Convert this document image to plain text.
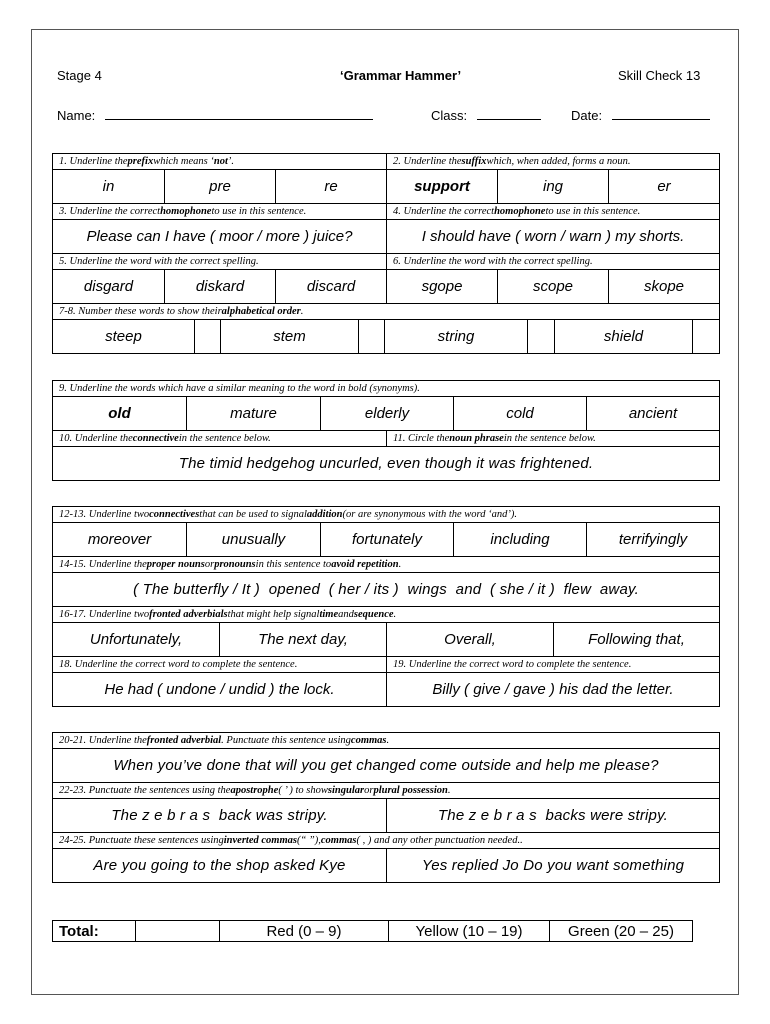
Stage 4	‘Grammar Hammer’	Skill Check 13
Name:	Class:	Date:
1. Underline the prefix which means ‘ not ’.	2. Underline the suffix which, when added, forms a noun.
in	pre	re	support	ing	er
3. Underline the correct homophone to use in this sentence.	4. Underline the correct homophone to use in this sentence.
Please can I have ( moor / more ) juice?	I should have ( worn / warn ) my shorts.
5. Underline the word with the correct spelling.	6. Underline the word with the correct spelling.
disgard	diskard	discard	sgope	scope	skope
7-8. Number these words to show their alphabetical order .
steep	stem	string	shield
9. Underline the words which have a similar meaning to the word in bold (synonyms).
old	mature	elderly	cold	ancient
10. Underline the connective in the sentence below.	11. Circle the noun phrase in the sentence below.
The timid hedgehog uncurled, even though it was frightened.
12-13. Underline two connectives that can be used to signal addition (or are synonymous with the word ‘and’).
moreover	unusually	fortunately	including	terrifyingly
14-15. Underline the proper nouns or pronouns in this sentence to avoid repetition .
( The butterfly / It )  opened  ( her / its )  wings  and  ( she / it )  flew  away.
16-17. Underline two fronted adverbials that might help signal time and sequence .
Unfortunately,	The next day,	Overall,	Following that,
18. Underline the correct word to complete the sentence.	19. Underline the correct word to complete the sentence.
He had ( undone / undid ) the lock.	Billy ( give / gave ) his dad the letter.
20-21. Underline the fronted adverbial . Punctuate this sentence using commas .
When you’ve done that will you get changed come outside and help me please?
22-23. Punctuate the sentences using the apostrophe ( ’ ) to show singular or plural possession .
The z e b r a s  back was stripy.	The z e b r a s  backs were stripy.
24-25. Punctuate these sentences using inverted commas (“ ”), commas ( , ) and any other punctuation needed..
Are you going to the shop asked Kye	Yes replied Jo Do you want something
Total:	Red (0 – 9)	Yellow (10 – 19)	Green (20 – 25)
